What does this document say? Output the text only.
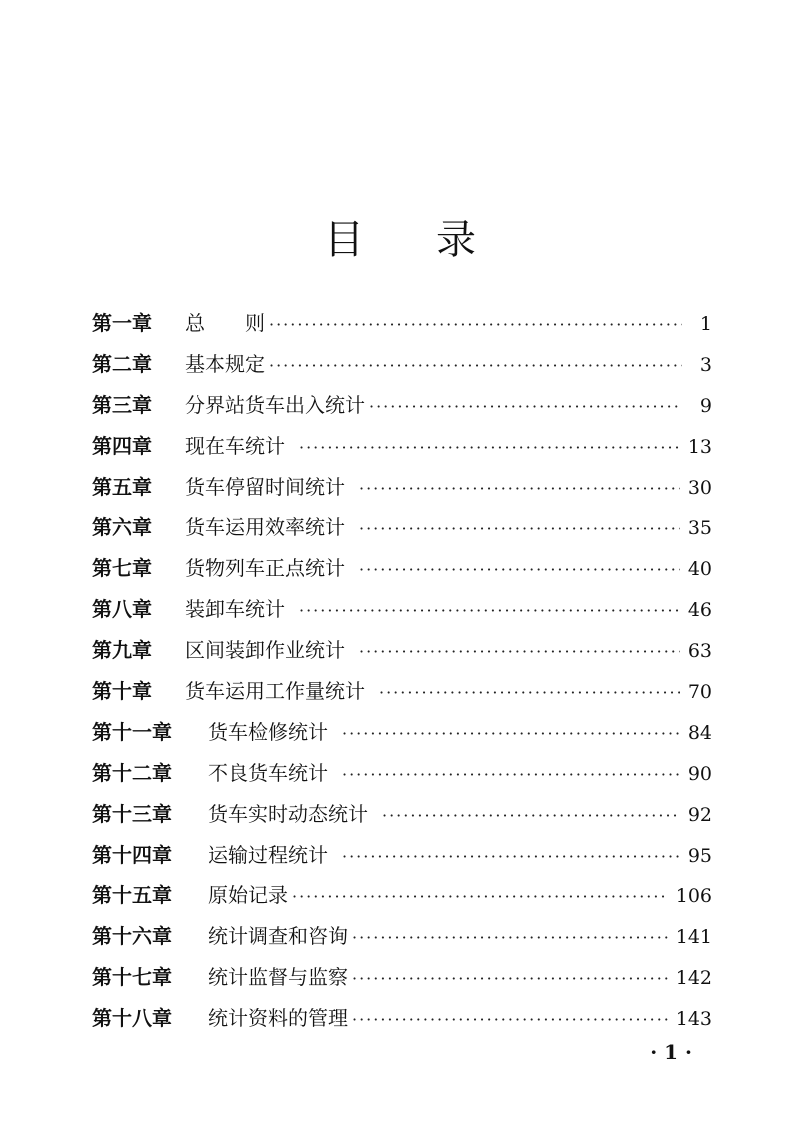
目 录
第一章	总　　则 ·····	1
第二章	基本规定 ·····	3
第三章	分界站货车出入统计 ·····	9
第四章	现在车统计 ·····	13
第五章	货车停留时间统计 ·····	30
第六章	货车运用效率统计 ·····	35
第七章	货物列车正点统计 ·····	40
第八章	装卸车统计 ·····	46
第九章	区间装卸作业统计 ·····	63
第十章	货车运用工作量统计 ·····	70
第十一章	货车检修统计 ·····	84
第十二章	不良货车统计 ·····	90
第十三章	货车实时动态统计 ·····	92
第十四章	运输过程统计 ·····	95
第十五章	原始记录 ·····	106
第十六章	统计调查和咨询 ·····	141
第十七章	统计监督与监察 ·····	142
第十八章	统计资料的管理 ·····	143
· 1 ·
